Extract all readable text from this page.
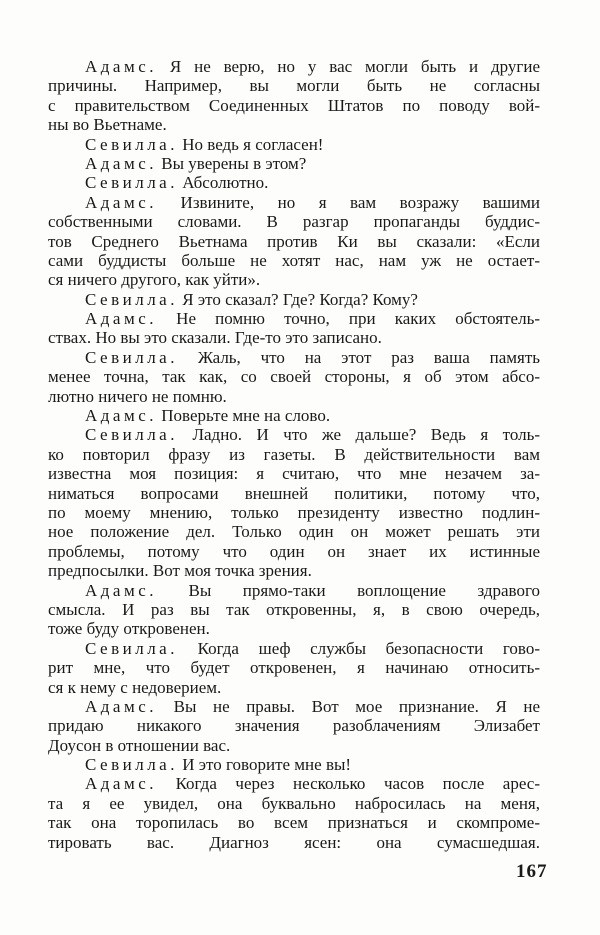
Адамс. Я не верю, но у вас могли быть и другие
причины. Например, вы могли быть не согласны
с правительством Соединенных Штатов по поводу вой-
ны во Вьетнаме.
Севилла. Но ведь я согласен!
Адамс. Вы уверены в этом?
Севилла. Абсолютно.
Адамс. Извините, но я вам возражу вашими
собственными словами. В разгар пропаганды буддис-
тов Среднего Вьетнама против Ки вы сказали: «Если
сами буддисты больше не хотят нас, нам уж не остает-
ся ничего другого, как уйти».
Севилла. Я это сказал? Где? Когда? Кому?
Адамс. Не помню точно, при каких обстоятель-
ствах. Но вы это сказали. Где-то это записано.
Севилла. Жаль, что на этот раз ваша память
менее точна, так как, со своей стороны, я об этом абсо-
лютно ничего не помню.
Адамс. Поверьте мне на слово.
Севилла. Ладно. И что же дальше? Ведь я толь-
ко повторил фразу из газеты. В действительности вам
известна моя позиция: я считаю, что мне незачем за-
ниматься вопросами внешней политики, потому что,
по моему мнению, только президенту известно подлин-
ное положение дел. Только один он может решать эти
проблемы, потому что один он знает их истинные
предпосылки. Вот моя точка зрения.
Адамс. Вы прямо-таки воплощение здравого
смысла. И раз вы так откровенны, я, в свою очередь,
тоже буду откровенен.
Севилла. Когда шеф службы безопасности гово-
рит мне, что будет откровенен, я начинаю относить-
ся к нему с недоверием.
Адамс. Вы не правы. Вот мое признание. Я не
придаю никакого значения разоблачениям Элизабет
Доусон в отношении вас.
Севилла. И это говорите мне вы!
Адамс. Когда через несколько часов после арес-
та я ее увидел, она буквально набросилась на меня,
так она торопилась во всем признаться и скомпроме-
тировать вас. Диагноз ясен: она сумасшедшая.
167
